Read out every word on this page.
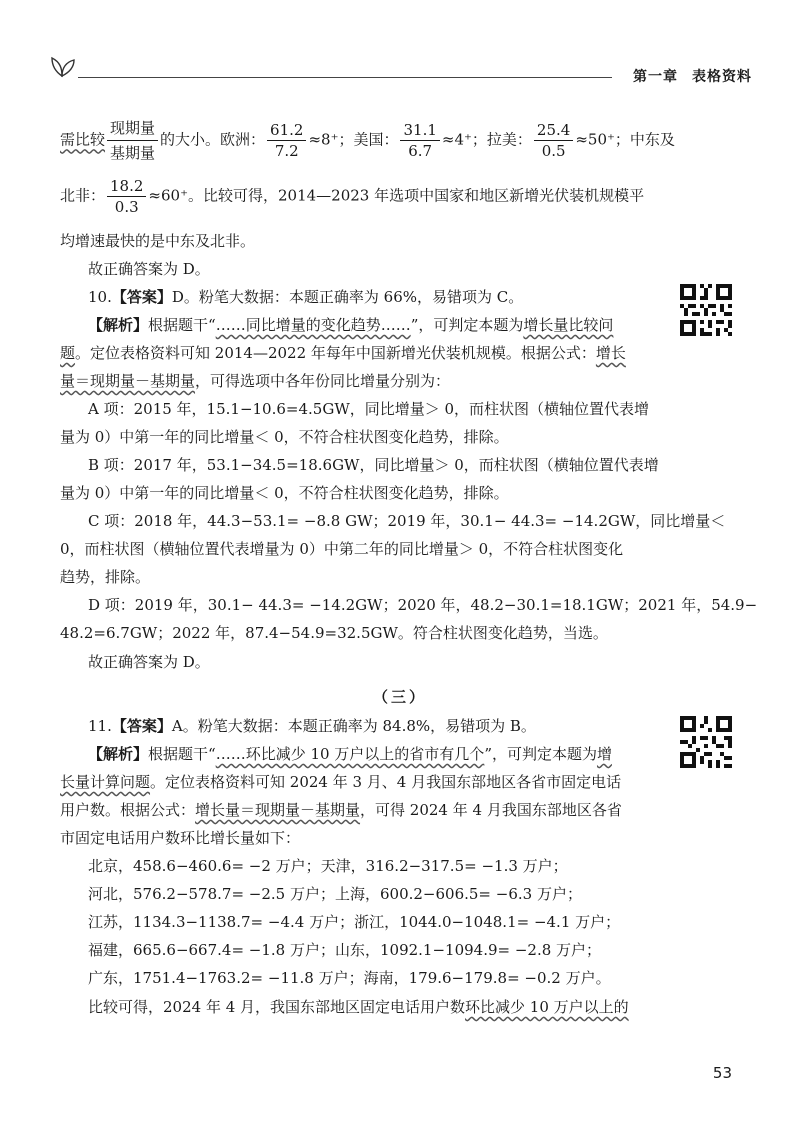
第一章 表格资料
需比较 $\frac{\text{现期量}}{\text{基期量}}$ 的大小。欧洲： $\frac{61.2}{7.2} \approx 8^+$；美国： $\frac{31.1}{6.7} \approx 4^+$；拉美： $\frac{25.4}{0.5} \approx 50^+$；中东及
北非： $\frac{18.2}{0.3} \approx 60^+$。比较可得，2014—2023 年选项中国家和地区新增光伏装机规模平
均增速最快的是中东及北非。
故正确答案为 D。
10.【答案】D。粉笔大数据：本题正确率为 66%，易错项为 C。
【解析】根据题干“……同比增量的变化趋势……”，可判定本题为增长量比较问
题。定位表格资料可知 2014—2022 年每年中国新增光伏装机规模。根据公式：增长
量＝现期量－基期量，可得选项中各年份同比增量分别为：
A 项：2015 年，15.1−10.6=4.5GW，同比增量＞ 0，而柱状图（横轴位置代表增
量为 0）中第一年的同比增量＜ 0，不符合柱状图变化趋势，排除。
B 项：2017 年，53.1−34.5=18.6GW，同比增量＞ 0，而柱状图（横轴位置代表增
量为 0）中第一年的同比增量＜ 0，不符合柱状图变化趋势，排除。
C 项：2018 年，44.3−53.1= −8.8 GW；2019 年，30.1− 44.3= −14.2GW，同比增量＜
0，而柱状图（横轴位置代表增量为 0）中第二年的同比增量＞ 0，不符合柱状图变化
趋势，排除。
D 项：2019 年，30.1− 44.3= −14.2GW；2020 年，48.2−30.1=18.1GW；2021 年，54.9−
48.2=6.7GW；2022 年，87.4−54.9=32.5GW。符合柱状图变化趋势，当选。
故正确答案为 D。
（三）
11.【答案】A。粉笔大数据：本题正确率为 84.8%，易错项为 B。
【解析】根据题干“……环比减少 10 万户以上的省市有几个”，可判定本题为增
长量计算问题。定位表格资料可知 2024 年 3 月、4 月我国东部地区各省市固定电话
用户数。根据公式：增长量＝现期量－基期量，可得 2024 年 4 月我国东部地区各省
市固定电话用户数环比增长量如下：
北京，458.6−460.6= −2 万户；天津，316.2−317.5= −1.3 万户；
河北，576.2−578.7= −2.5 万户；上海，600.2−606.5= −6.3 万户；
江苏，1134.3−1138.7= −4.4 万户；浙江，1044.0−1048.1= −4.1 万户；
福建，665.6−667.4= −1.8 万户；山东，1092.1−1094.9= −2.8 万户；
广东，1751.4−1763.2= −11.8 万户；海南，179.6−179.8= −0.2 万户。
比较可得，2024 年 4 月，我国东部地区固定电话用户数环比减少 10 万户以上的
53
